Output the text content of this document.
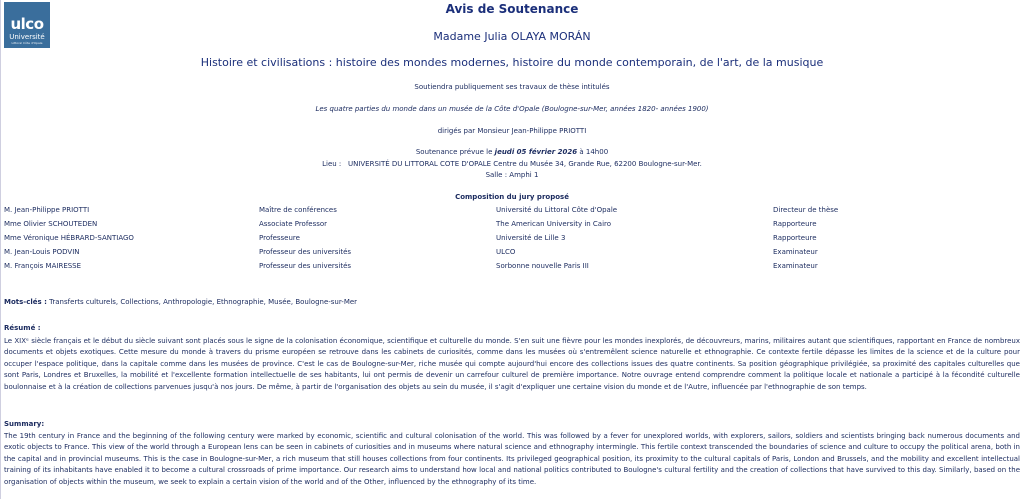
ulco
Université
Littoral Côte d'Opale
Avis de Soutenance
Madame Julia OLAYA MORÁN
Histoire et civilisations : histoire des mondes modernes, histoire du monde contemporain, de l'art, de la musique
Soutiendra publiquement ses travaux de thèse intitulés
Les quatre parties du monde dans un musée de la Côte d'Opale (Boulogne-sur-Mer, années 1820- années 1900)
dirigés par Monsieur Jean-Philippe PRIOTTI
Soutenance prévue le jeudi 05 février 2026 à 14h00
Lieu : UNIVERSITÉ DU LITTORAL COTE D'OPALE Centre du Musée 34, Grande Rue, 62200 Boulogne-sur-Mer.
Salle : Amphi 1
Composition du jury proposé
M. Jean-Philippe PRIOTTI	Maître de conférences	Université du Littoral Côte d'Opale	Directeur de thèse
Mme Olivier SCHOUTEDEN	Associate Professor	The American University in Cairo	Rapporteure
Mme Véronique HÉBRARD-SANTIAGO	Professeure	Université de Lille 3	Rapporteure
M. Jean-Louis PODVIN	Professeur des universités	ULCO	Examinateur
M. François MAIRESSE	Professeur des universités	Sorbonne nouvelle Paris III	Examinateur
Mots-clés : Transferts culturels, Collections, Anthropologie, Ethnographie, Musée, Boulogne-sur-Mer
Résumé :
Le XIXᵉ siècle français et le début du siècle suivant sont placés sous le signe de la colonisation économique, scientifique et culturelle du monde. S'en suit une fièvre pour les mondes inexplorés, de découvreurs, marins, militaires autant que scientifiques, rapportant en France de nombreux documents et objets exotiques. Cette mesure du monde à travers du prisme européen se retrouve dans les cabinets de curiosités, comme dans les musées où s'entremêlent science naturelle et ethnographie. Ce contexte fertile dépasse les limites de la science et de la culture pour occuper l'espace politique, dans la capitale comme dans les musées de province. C'est le cas de Boulogne-sur-Mer, riche musée qui compte aujourd'hui encore des collections issues des quatre continents. Sa position géographique privilégiée, sa proximité des capitales culturelles que sont Paris, Londres et Bruxelles, la mobilité et l'excellente formation intellectuelle de ses habitants, lui ont permis de devenir un carrefour culturel de première importance. Notre ouvrage entend comprendre comment la politique locale et nationale a participé à la fécondité culturelle boulonnaise et à la création de collections parvenues jusqu'à nos jours. De même, à partir de l'organisation des objets au sein du musée, il s'agit d'expliquer une certaine vision du monde et de l'Autre, influencée par l'ethnographie de son temps.
Summary:
The 19th century in France and the beginning of the following century were marked by economic, scientific and cultural colonisation of the world. This was followed by a fever for unexplored worlds, with explorers, sailors, soldiers and scientists bringing back numerous documents and exotic objects to France. This view of the world through a European lens can be seen in cabinets of curiosities and in museums where natural science and ethnography intermingle. This fertile context transcended the boundaries of science and culture to occupy the political arena, both in the capital and in provincial museums. This is the case in Boulogne-sur-Mer, a rich museum that still houses collections from four continents. Its privileged geographical position, its proximity to the cultural capitals of Paris, London and Brussels, and the mobility and excellent intellectual training of its inhabitants have enabled it to become a cultural crossroads of prime importance. Our research aims to understand how local and national politics contributed to Boulogne's cultural fertility and the creation of collections that have survived to this day. Similarly, based on the organisation of objects within the museum, we seek to explain a certain vision of the world and of the Other, influenced by the ethnography of its time.
